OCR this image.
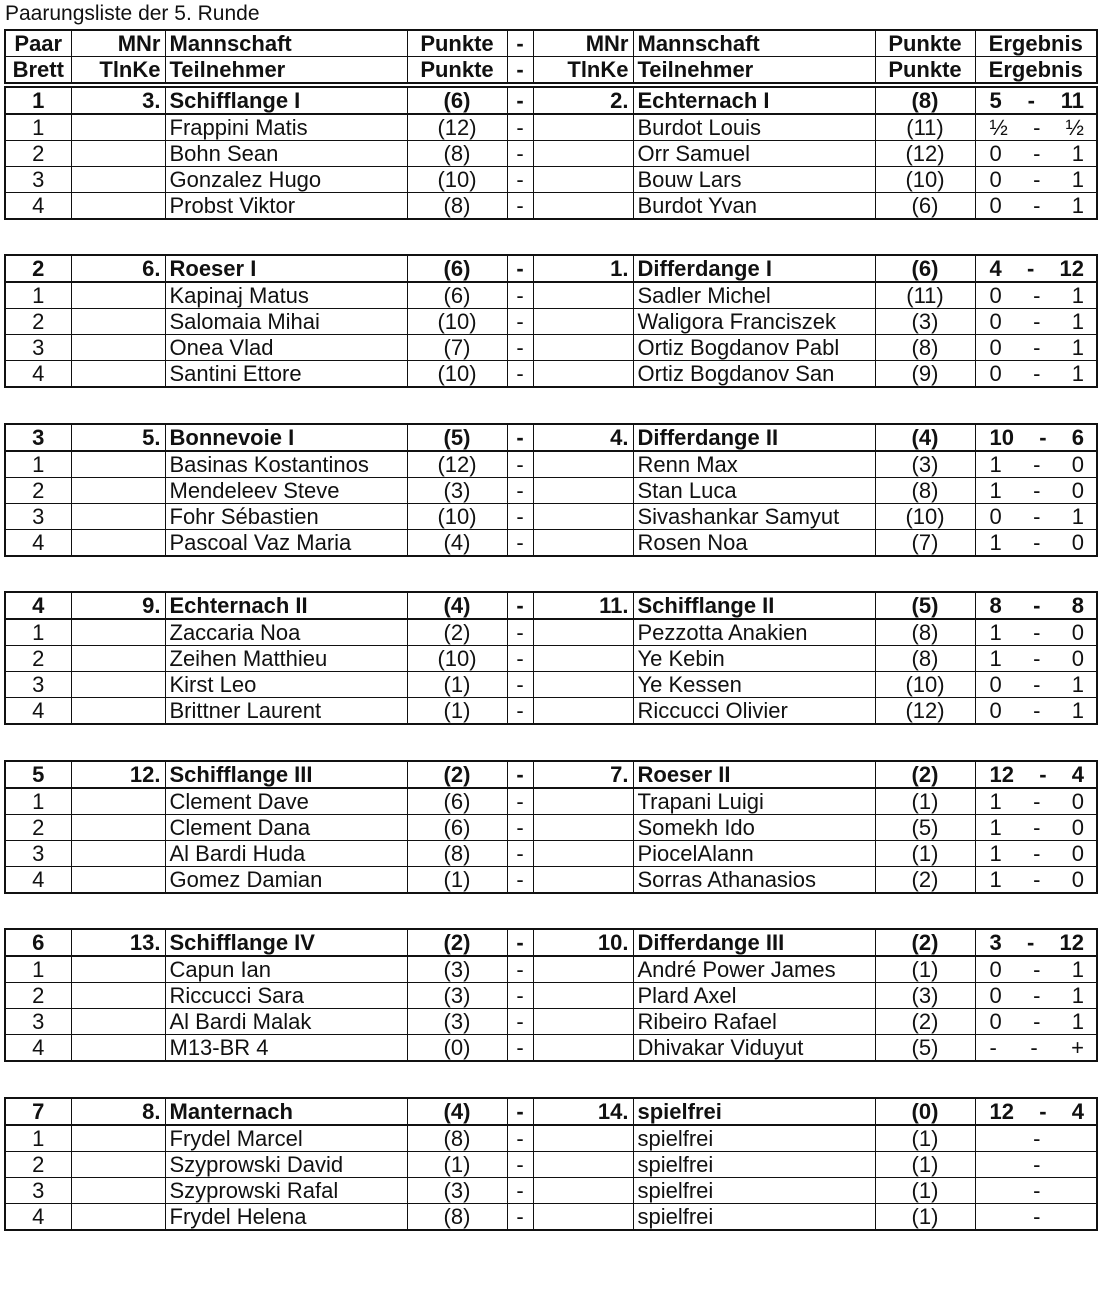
Paarungsliste der 5. Runde
Paar	MNr	Mannschaft	Punkte	-	MNr	Mannschaft	Punkte	Ergebnis
Brett	TlnKe	Teilnehmer	Punkte	-	TlnKe	Teilnehmer	Punkte	Ergebnis
1	3.	Schifflange I	(6)	-	2.	Echternach I	(8)	5 - 11

1		Frappini Matis	(12)	-		Burdot Louis	(11)	½ - ½

2		Bohn Sean	(8)	-		Orr Samuel	(12)	0 - 1

3		Gonzalez Hugo	(10)	-		Bouw Lars	(10)	0 - 1

4		Probst Viktor	(8)	-		Burdot Yvan	(6)	0 - 1
2	6.	Roeser I	(6)	-	1.	Differdange I	(6)	4 - 12

1		Kapinaj Matus	(6)	-		Sadler Michel	(11)	0 - 1

2		Salomaia Mihai	(10)	-		Waligora Franciszek	(3)	0 - 1

3		Onea Vlad	(7)	-		Ortiz Bogdanov Pabl	(8)	0 - 1

4		Santini Ettore	(10)	-		Ortiz Bogdanov San	(9)	0 - 1
3	5.	Bonnevoie I	(5)	-	4.	Differdange II	(4)	10 - 6

1		Basinas Kostantinos	(12)	-		Renn Max	(3)	1 - 0

2		Mendeleev Steve	(3)	-		Stan Luca	(8)	1 - 0

3		Fohr Sébastien	(10)	-		Sivashankar Samyut	(10)	0 - 1

4		Pascoal Vaz Maria	(4)	-		Rosen Noa	(7)	1 - 0
4	9.	Echternach II	(4)	-	11.	Schifflange II	(5)	8 - 8

1		Zaccaria Noa	(2)	-		Pezzotta Anakien	(8)	1 - 0

2		Zeihen Matthieu	(10)	-		Ye Kebin	(8)	1 - 0

3		Kirst Leo	(1)	-		Ye Kessen	(10)	0 - 1

4		Brittner Laurent	(1)	-		Riccucci Olivier	(12)	0 - 1
5	12.	Schifflange III	(2)	-	7.	Roeser II	(2)	12 - 4

1		Clement Dave	(6)	-		Trapani Luigi	(1)	1 - 0

2		Clement Dana	(6)	-		Somekh Ido	(5)	1 - 0

3		Al Bardi Huda	(8)	-		PiocelAlann	(1)	1 - 0

4		Gomez Damian	(1)	-		Sorras Athanasios	(2)	1 - 0
6	13.	Schifflange IV	(2)	-	10.	Differdange III	(2)	3 - 12

1		Capun Ian	(3)	-		André Power James	(1)	0 - 1

2		Riccucci Sara	(3)	-		Plard Axel	(3)	0 - 1

3		Al Bardi Malak	(3)	-		Ribeiro Rafael	(2)	0 - 1

4		M13-BR 4	(0)	-		Dhivakar Viduyut	(5)	- - +
7	8.	Manternach	(4)	-	14.	spielfrei	(0)	12 - 4

1		Frydel Marcel	(8)	-		spielfrei	(1)	-

2		Szyprowski David	(1)	-		spielfrei	(1)	-

3		Szyprowski Rafal	(3)	-		spielfrei	(1)	-

4		Frydel Helena	(8)	-		spielfrei	(1)	-
